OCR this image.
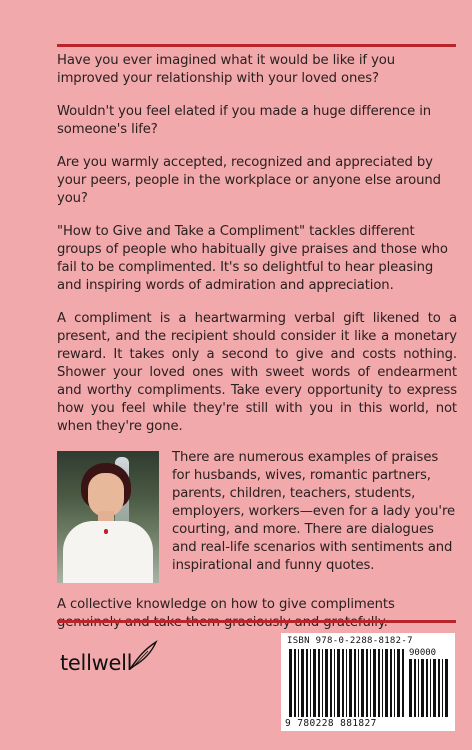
Have you ever imagined what it would be like if you improved your relationship with your loved ones?

Wouldn't you feel elated if you made a huge difference in someone's life?

Are you warmly accepted, recognized and appreciated by your peers, people in the workplace or anyone else around you?

"How to Give and Take a Compliment" tackles different groups of people who habitually give praises and those who fail to be complimented. It's so delightful to hear pleasing and inspiring words of admiration and appreciation.

A compliment is a heartwarming verbal gift likened to a present, and the recipient should consider it like a monetary reward. It takes only a second to give and costs nothing. Shower your loved ones with sweet words of endearment and worthy compliments. Take every opportunity to express how you feel while they're still with you in this world, not when they're gone.

There are numerous examples of praises for husbands, wives, romantic partners, parents, children, teachers, students, employers, workers—even for a lady you're courting, and more. There are dialogues and real-life scenarios with sentiments and inspirational and funny quotes.

A collective knowledge on how to give compliments

tellwell
ISBN 978-0-2288-8182-7
90000
9 780228 881827
